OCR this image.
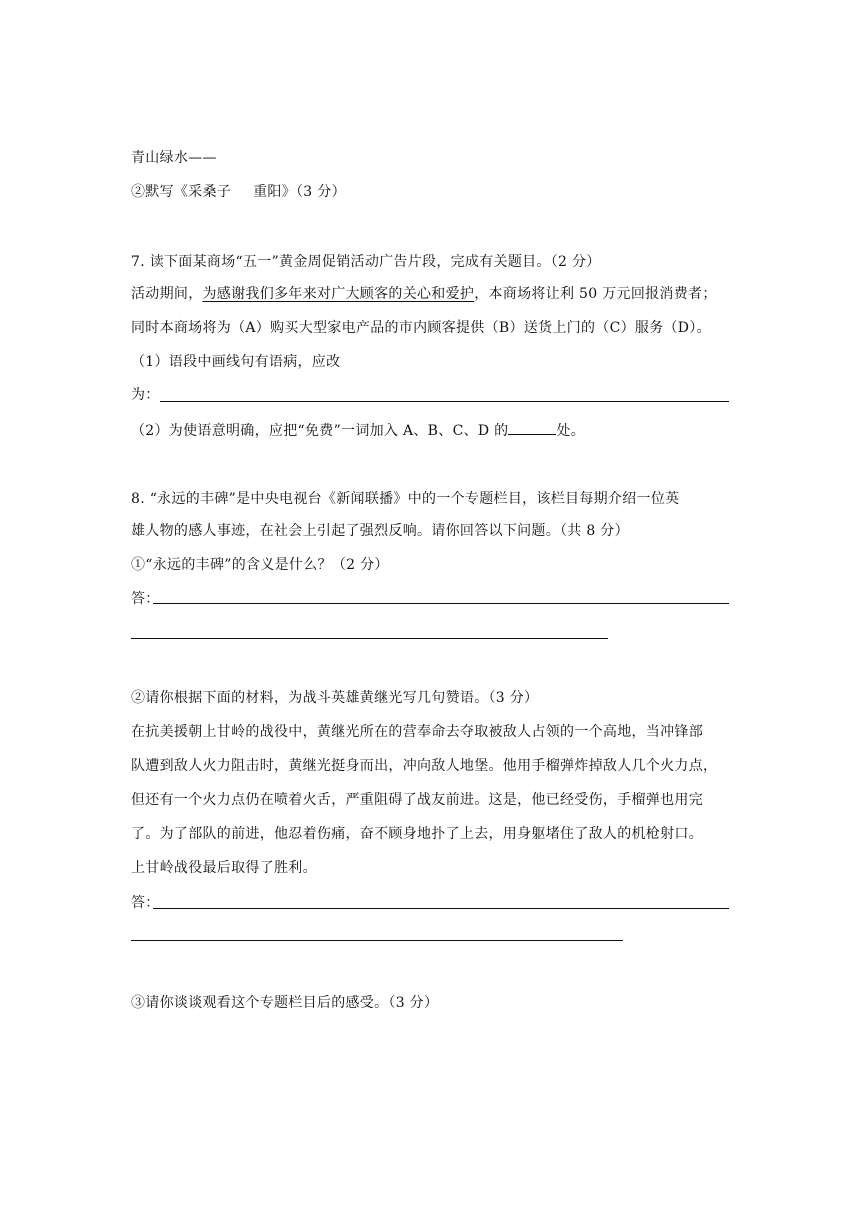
青山绿水——
②默写《采桑子 重阳》（3 分）
7. 读下面某商场“五一”黄金周促销活动广告片段，完成有关题目。（2 分）
活动期间，为感谢我们多年来对广大顾客的关心和爱护，本商场将让利 50 万元回报消费者；
同时本商场将为（A）购买大型家电产品的市内顾客提供（B）送货上门的（C）服务（D）。
（1）语段中画线句有语病，应改
为：
（2）为使语意明确，应把“免费”一词加入 A、B、C、D 的	处。
8. “永远的丰碑”是中央电视台《新闻联播》中的一个专题栏目，该栏目每期介绍一位英
雄人物的感人事迹，在社会上引起了强烈反响。请你回答以下问题。（共 8 分）
①“永远的丰碑”的含义是什么？（2 分）
答：
②请你根据下面的材料，为战斗英雄黄继光写几句赞语。（3 分）
在抗美援朝上甘岭的战役中，黄继光所在的营奉命去夺取被敌人占领的一个高地，当冲锋部
队遭到敌人火力阻击时，黄继光挺身而出，冲向敌人地堡。他用手榴弹炸掉敌人几个火力点，
但还有一个火力点仍在喷着火舌，严重阻碍了战友前进。这是，他已经受伤，手榴弹也用完
了。为了部队的前进，他忍着伤痛，奋不顾身地扑了上去，用身躯堵住了敌人的机枪射口。
上甘岭战役最后取得了胜利。
答：
③请你谈谈观看这个专题栏目后的感受。（3 分）
